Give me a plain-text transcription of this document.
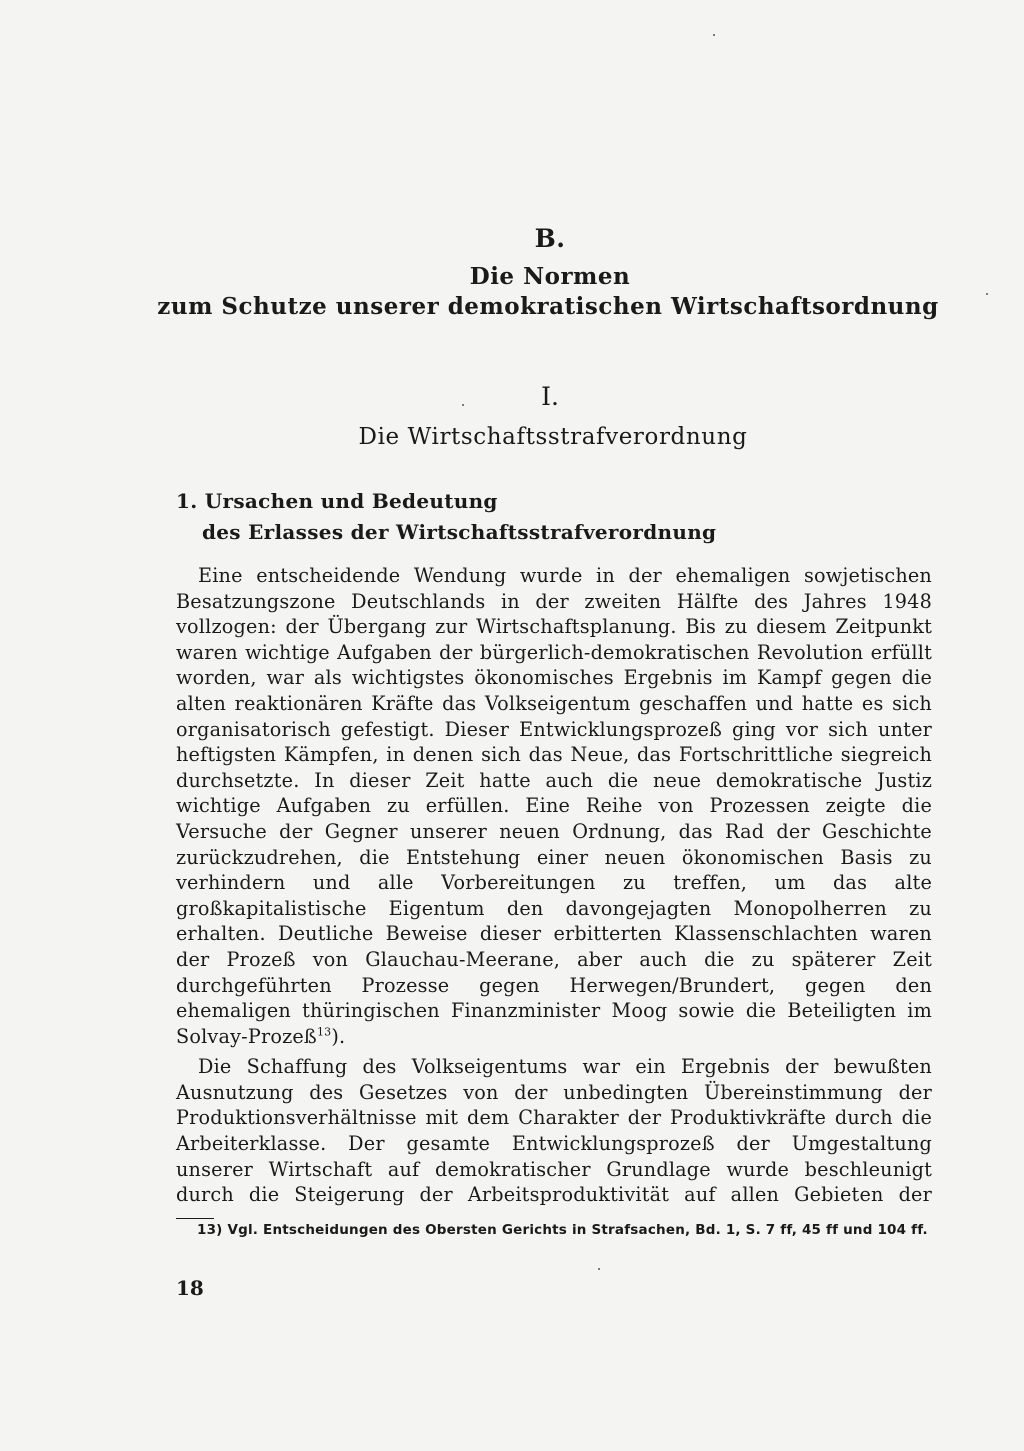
B.
Die Normen
zum Schutze unserer demokratischen Wirtschaftsordnung
I.
Die Wirtschaftsstrafverordnung
1. Ursachen und Bedeutung
des Erlasses der Wirtschaftsstrafverordnung

Eine entscheidende Wendung wurde in der ehemaligen sowjetischen Besatzungszone Deutschlands in der zweiten Hälfte des Jahres 1948 vollzogen: der Übergang zur Wirtschaftsplanung. Bis zu diesem Zeitpunkt waren wichtige Aufgaben der bürgerlich-demokratischen Revolution erfüllt worden, war als wichtigstes ökonomisches Ergebnis im Kampf gegen die alten reaktionären Kräfte das Volkseigentum geschaffen und hatte es sich organisatorisch gefestigt. Dieser Entwicklungsprozeß ging vor sich unter heftigsten Kämpfen, in denen sich das Neue, das Fortschrittliche siegreich durchsetzte. In dieser Zeit hatte auch die neue demokratische Justiz wichtige Aufgaben zu erfüllen. Eine Reihe von Prozessen zeigte die Versuche der Gegner unserer neuen Ordnung, das Rad der Geschichte zurückzudrehen, die Entstehung einer neuen ökonomischen Basis zu verhindern und alle Vorbereitungen zu treffen, um das alte großkapitalistische Eigentum den davongejagten Monopolherren zu erhalten. Deutliche Beweise dieser erbitterten Klassenschlachten waren der Prozeß von Glauchau-Meerane, aber auch die zu späterer Zeit durchgeführten Prozesse gegen Herwegen/Brundert, gegen den ehemaligen thüringischen Finanzminister Moog sowie die Beteiligten im Solvay-Prozeß$^{13}$).

Die Schaffung des Volkseigentums war ein Ergebnis der bewußten Ausnutzung des Gesetzes von der unbedingten Übereinstimmung der Produktionsverhältnisse mit dem Charakter der Produktivkräfte durch die Arbeiterklasse. Der gesamte Entwicklungsprozeß der Umgestaltung unserer Wirtschaft auf demokratischer Grundlage wurde beschleunigt durch die Steigerung der Arbeitsproduktivität auf allen Gebieten der

13) Vgl. Entscheidungen des Obersten Gerichts in Strafsachen, Bd. 1, S. 7 ff, 45 ff und 104 ff.
18
